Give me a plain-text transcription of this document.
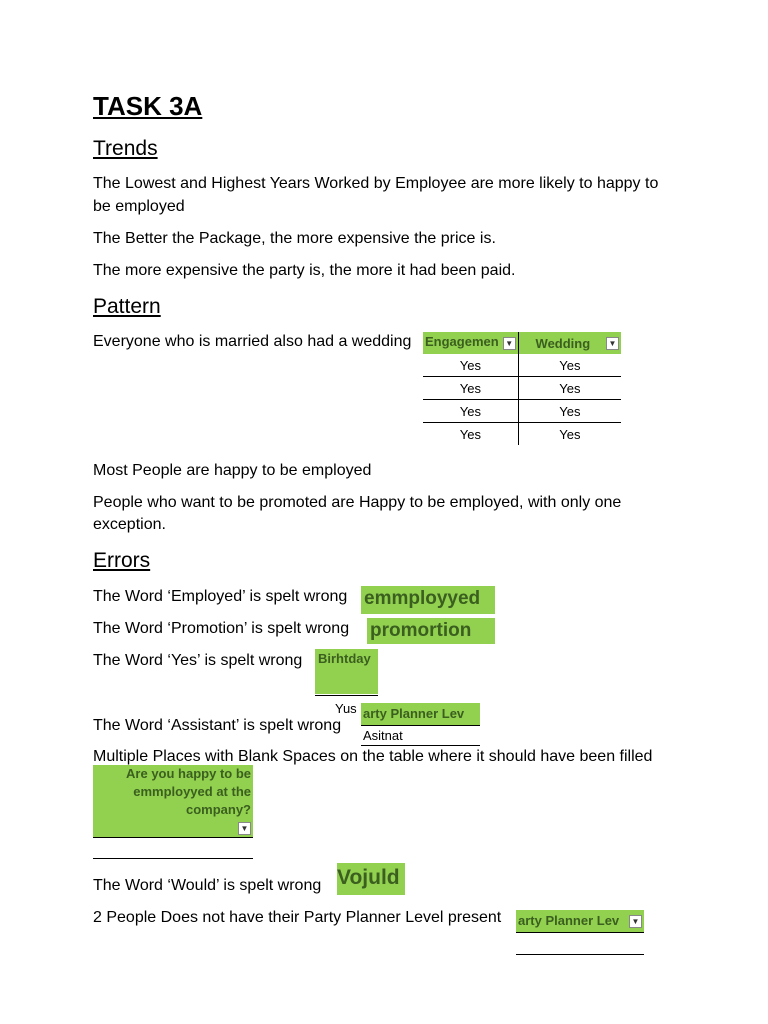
TASK 3A
Trends
The Lowest and Highest Years Worked by Employee are more likely to happy to
be employed
The Better the Package, the more expensive the price is.
The more expensive the party is, the more it had been paid.
Pattern
Everyone who is married also had a wedding Engagemen ▼	Wedding ▼

Yes	Yes
Yes	Yes
Yes	Yes
Yes	Yes
Most People are happy to be employed
People who want to be promoted are Happy to be employed, with only one
exception.
Errors
The Word ‘Employed’ is spelt wrong emmployyed
The Word ‘Promotion’ is spelt wrong promortion
The Word ‘Yes’ is spelt wrong Birhtday
Yus
The Word ‘Assistant’ is spelt wrong
arty Planner Lev
Asitnat
Multiple Places with Blank Spaces on the table where it should have been filled
Are you happy to be
emmployyed at the
company?
▼
The Word ‘Would’ is spelt wrong Vojuld
2 People Does not have their Party Planner Level present arty Planner Lev	▼
